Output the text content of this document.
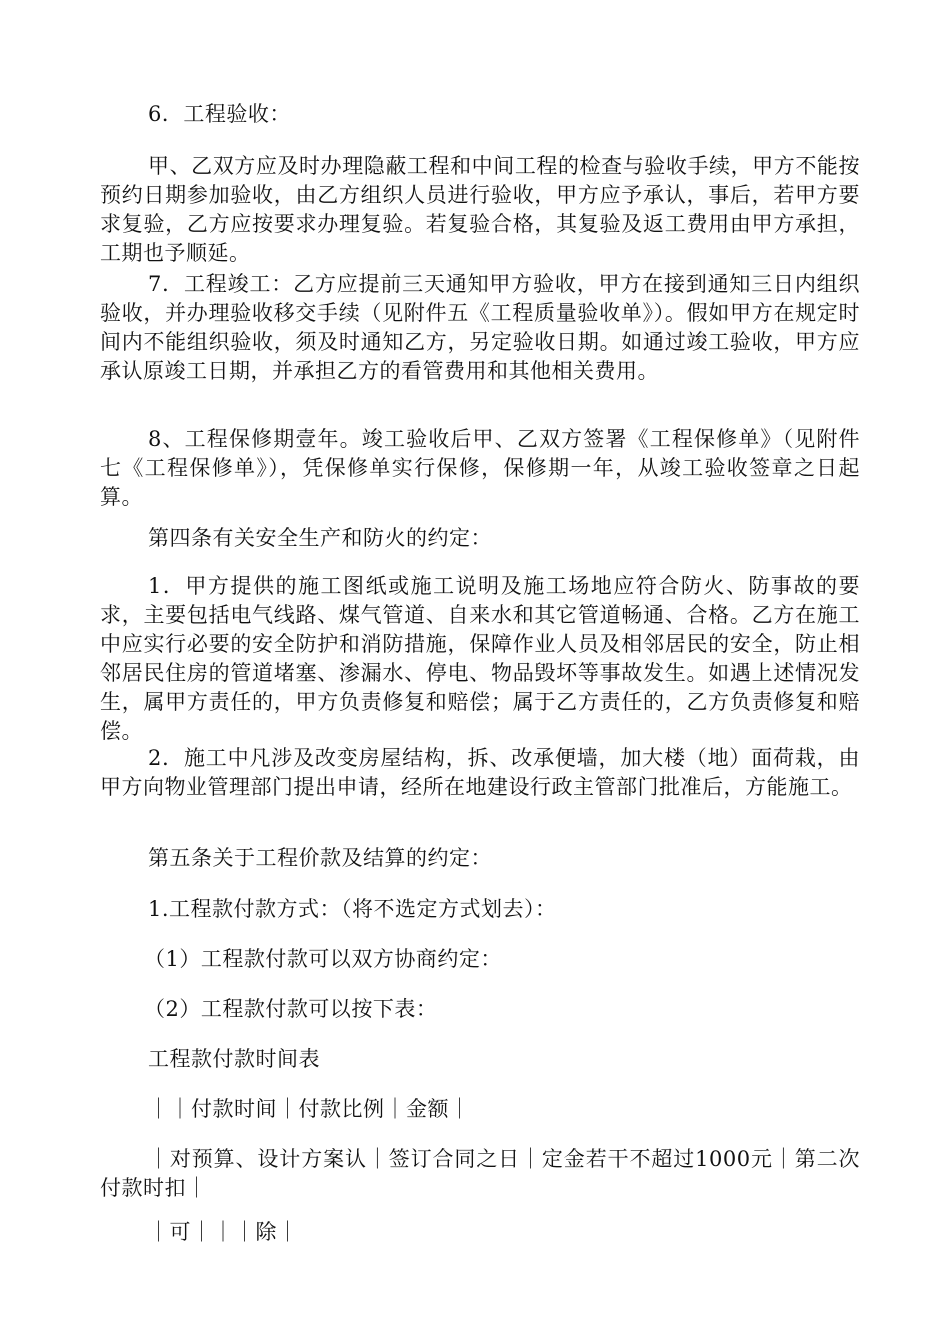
6．工程验收：

甲、乙双方应及时办理隐蔽工程和中间工程的检查与验收手续，甲方不能按预约日期参加验收，由乙方组织人员进行验收，甲方应予承认，事后，若甲方要求复验，乙方应按要求办理复验。若复验合格，其复验及返工费用由甲方承担，工期也予顺延。

7．工程竣工：乙方应提前三天通知甲方验收，甲方在接到通知三日内组织验收，并办理验收移交手续（见附件五《工程质量验收单》）。假如甲方在规定时间内不能组织验收，须及时通知乙方，另定验收日期。如通过竣工验收，甲方应承认原竣工日期，并承担乙方的看管费用和其他相关费用。

8、工程保修期壹年。竣工验收后甲、乙双方签署《工程保修单》（见附件七《工程保修单》），凭保修单实行保修，保修期一年，从竣工验收签章之日起算。

第四条有关安全生产和防火的约定：

1．甲方提供的施工图纸或施工说明及施工场地应符合防火、防事故的要求，主要包括电气线路、煤气管道、自来水和其它管道畅通、合格。乙方在施工中应实行必要的安全防护和消防措施，保障作业人员及相邻居民的安全，防止相邻居民住房的管道堵塞、渗漏水、停电、物品毁坏等事故发生。如遇上述情况发生，属甲方责任的，甲方负责修复和赔偿；属于乙方责任的，乙方负责修复和赔偿。

2．施工中凡涉及改变房屋结构，拆、改承便墙，加大楼（地）面荷栽，由甲方向物业管理部门提出申请，经所在地建设行政主管部门批准后，方能施工。

第五条关于工程价款及结算的约定：

1.工程款付款方式：（将不选定方式划去）：

（1）工程款付款可以双方协商约定：

（2）工程款付款可以按下表：

工程款付款时间表

｜｜付款时间｜付款比例｜金额｜

｜对预算、设计方案认｜签订合同之日｜定金若干不超过1000元｜第二次付款时扣｜

｜可｜｜｜除｜
